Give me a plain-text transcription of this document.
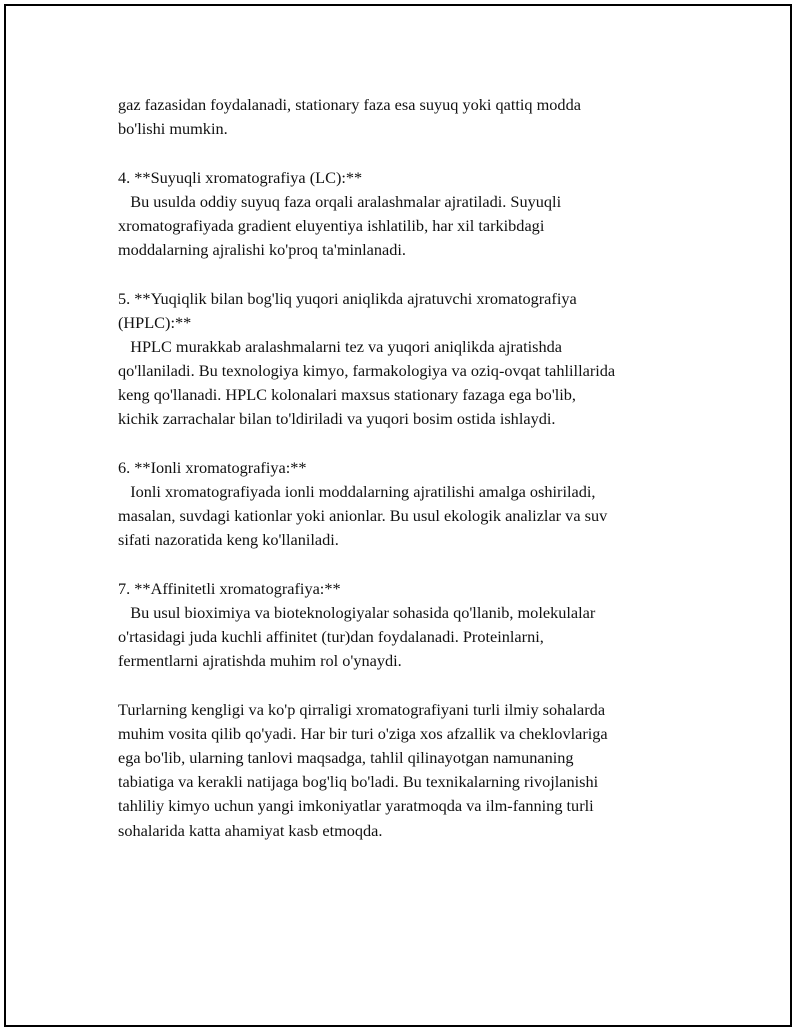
gaz fazasidan foydalanadi, stationary faza esa suyuq yoki qattiq modda
bo'lishi mumkin.
4. **Suyuqli xromatografiya (LC):**
Bu usulda oddiy suyuq faza orqali aralashmalar ajratiladi. Suyuqli
xromatografiyada gradient eluyentiya ishlatilib, har xil tarkibdagi
moddalarning ajralishi ko'proq ta'minlanadi.
5. **Yuqiqlik bilan bog'liq yuqori aniqlikda ajratuvchi xromatografiya
(HPLC):**
HPLC murakkab aralashmalarni tez va yuqori aniqlikda ajratishda
qo'llaniladi. Bu texnologiya kimyo, farmakologiya va oziq-ovqat tahlillarida
keng qo'llanadi. HPLC kolonalari maxsus stationary fazaga ega bo'lib,
kichik zarrachalar bilan to'ldiriladi va yuqori bosim ostida ishlaydi.
6. **Ionli xromatografiya:**
Ionli xromatografiyada ionli moddalarning ajratilishi amalga oshiriladi,
masalan, suvdagi kationlar yoki anionlar. Bu usul ekologik analizlar va suv
sifati nazoratida keng ko'llaniladi.
7. **Affinitetli xromatografiya:**
Bu usul bioximiya va bioteknologiyalar sohasida qo'llanib, molekulalar
o'rtasidagi juda kuchli affinitet (tur)dan foydalanadi. Proteinlarni,
fermentlarni ajratishda muhim rol o'ynaydi.
Turlarning kengligi va ko'p qirraligi xromatografiyani turli ilmiy sohalarda
muhim vosita qilib qo'yadi. Har bir turi o'ziga xos afzallik va cheklovlariga
ega bo'lib, ularning tanlovi maqsadga, tahlil qilinayotgan namunaning
tabiatiga va kerakli natijaga bog'liq bo'ladi. Bu texnikalarning rivojlanishi
tahliliy kimyo uchun yangi imkoniyatlar yaratmoqda va ilm-fanning turli
sohalarida katta ahamiyat kasb etmoqda.
